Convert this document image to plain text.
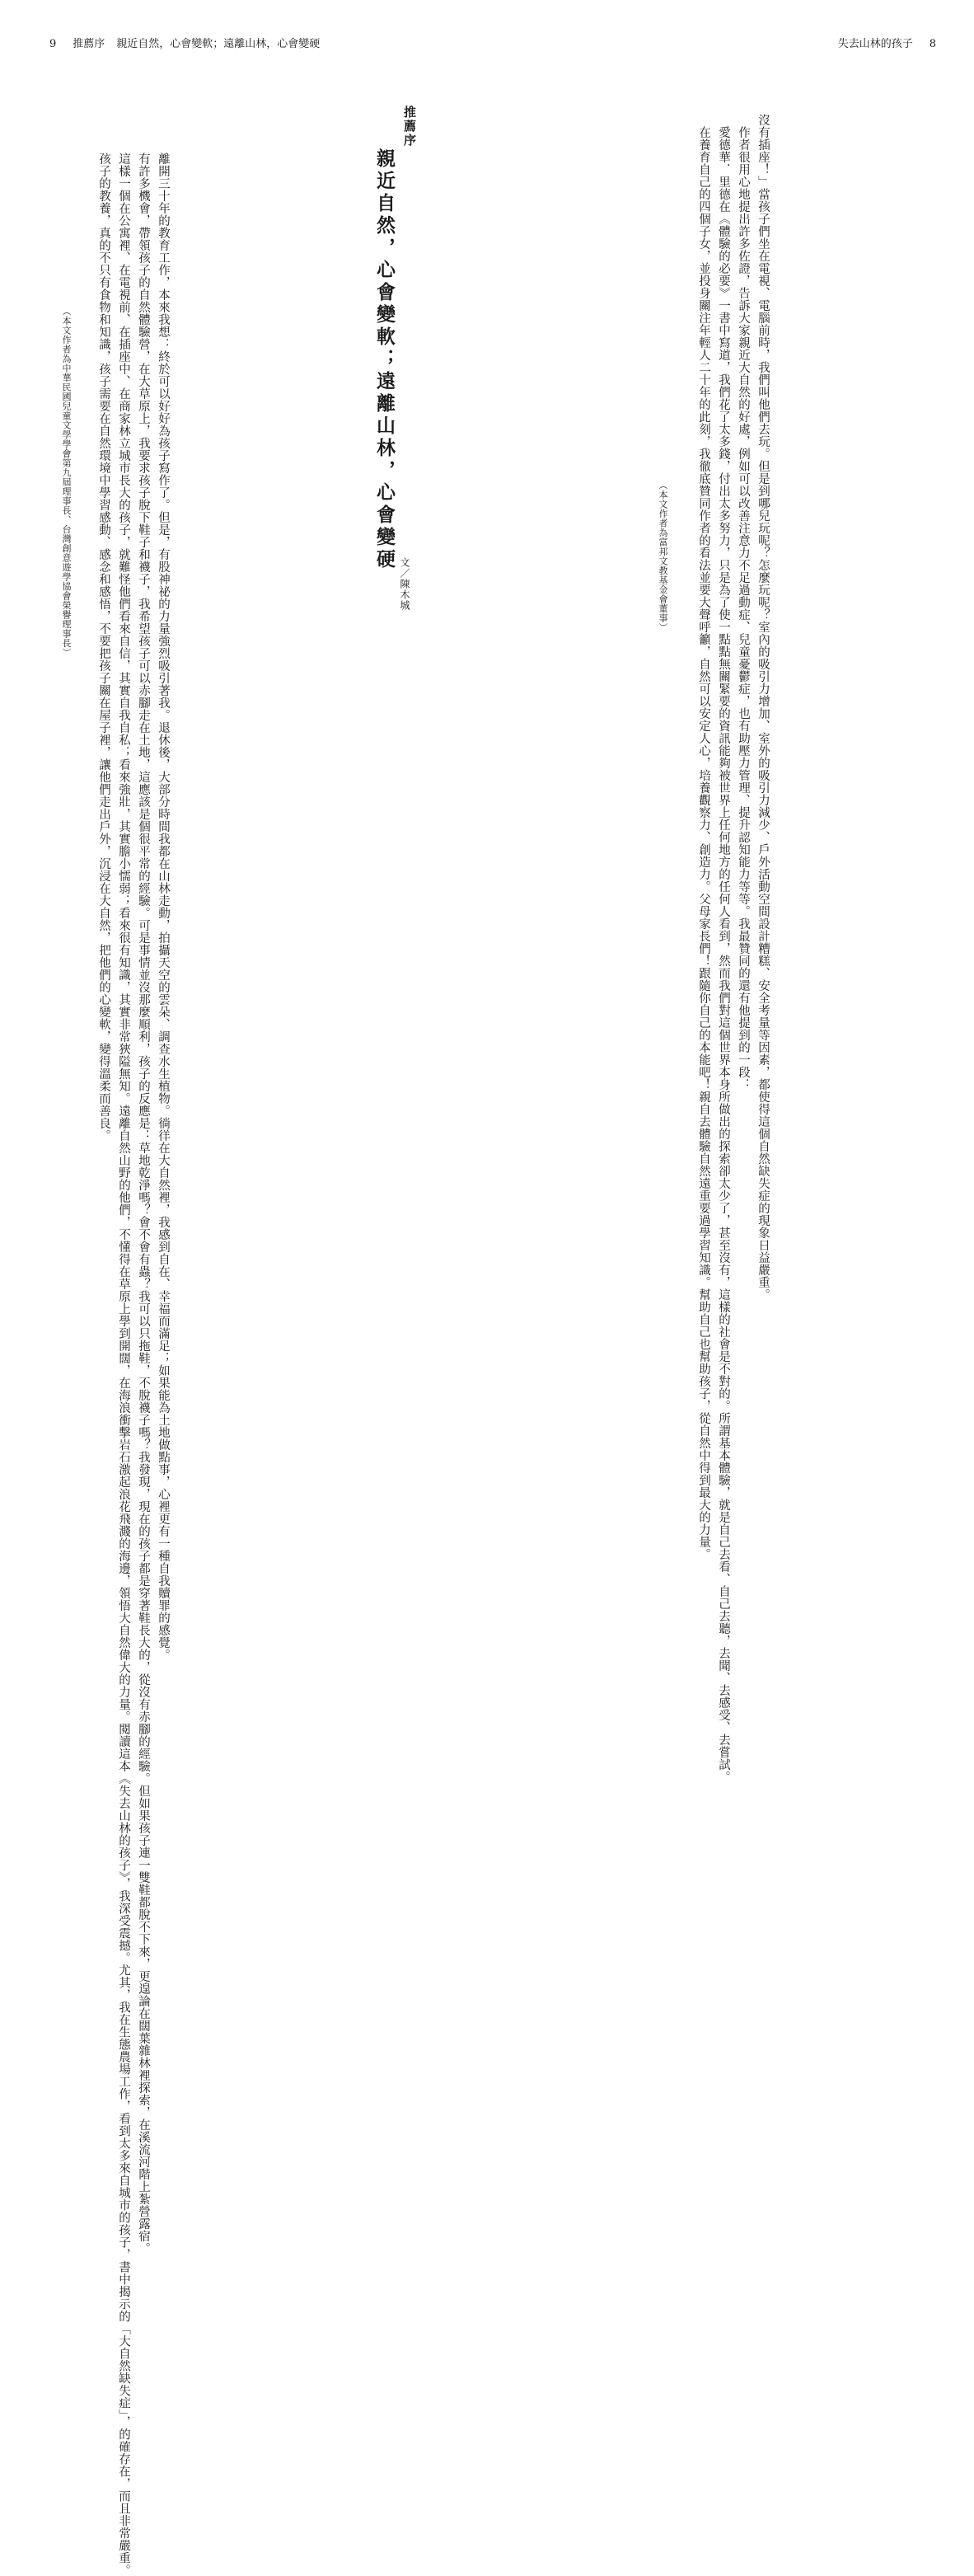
9 推薦序 親近自然，心會變軟；遠離山林，心會變硬	失去山林的孩子 8
沒有插座！」當孩子們坐在電視、電腦前時，我們叫他們去玩。但是到哪兒玩呢？怎麼玩呢？室內的吸引力增加、室外的吸引力減少、戶外活動空間設計糟糕、安全考量等因素，都使得這個自然缺失症的現象日益嚴重。
作者很用心地提出許多佐證，告訴大家親近大自然的好處，例如可以改善注意力不足過動症、兒童憂鬱症，也有助壓力管理、提升認知能力等等。我最贊同的還有他提到的一段：
愛德華．里德在《體驗的必要》一書中寫道，我們花了太多錢，付出太多努力，只是為了使一點點無關緊要的資訊能夠被世界上任何地方的任何人看到，然而我們對這個世界本身所做出的探索卻太少了，甚至沒有，這樣的社會是不對的。所謂基本體驗，就是自己去看、自己去聽，去聞、去感受、去嘗試。
在養育自己的四個子女，並投身關注年輕人二十年的此刻，我徹底贊同作者的看法並要大聲呼籲，自然可以安定人心，培養觀察力、創造力。父母家長們！跟隨你自己的本能吧！親自去體驗自然遠重要過學習知識。幫助自己也幫助孩子，從自然中得到最大的力量。
（本文作者為富邦文教基金會董事）
推薦序
親近自然，心會變軟；遠離山林，心會變硬
文／陳木城
離開三十年的教育工作，本來我想：終於可以好好為孩子寫作了。但是，有股神祕的力量強烈吸引著我。退休後，大部分時間我都在山林走動，拍攝天空的雲朵、調查水生植物。徜徉在大自然裡，我感到自在、幸福而滿足；如果能為土地做點事，心裡更有一種自我贖罪的感覺。
有許多機會，帶領孩子的自然體驗營，在大草原上，我要求孩子脫下鞋子和襪子，我希望孩子可以赤腳走在土地，這應該是個很平常的經驗。可是事情並沒那麼順利，孩子的反應是：草地乾淨嗎？會不會有蟲？我可以只拖鞋，不脫襪子嗎？我發現，現在的孩子都是穿著鞋長大的，從沒有赤腳的經驗。但如果孩子連一雙鞋都脫不下來，更遑論在闊葉雜林裡探索，在溪流河階上紮營露宿。
這樣一個在公寓裡、在電視前、在插座中、在商家林立城市長大的孩子，就難怪他們看來自信，其實自我自私；看來強壯，其實膽小懦弱；看來很有知識，其實非常狹隘無知。遠離自然山野的他們，不懂得在草原上學到開闊，在海浪衝擊岩石激起浪花飛濺的海邊，領悟大自然偉大的力量。閱讀這本《失去山林的孩子》，我深受震撼。尤其，我在生態農場工作，看到太多來自城市的孩子，書中揭示的「大自然缺失症」，的確存在，而且非常嚴重。
孩子的教養，真的不只有食物和知識，孩子需要在自然環境中學習感動、感念和感悟，不要把孩子關在屋子裡，讓他們走出戶外，沉浸在大自然，把他們的心變軟，變得溫柔而善良。
（本文作者為中華民國兒童文學學會第九屆理事長、台灣創意遊學協會榮譽理事長）
